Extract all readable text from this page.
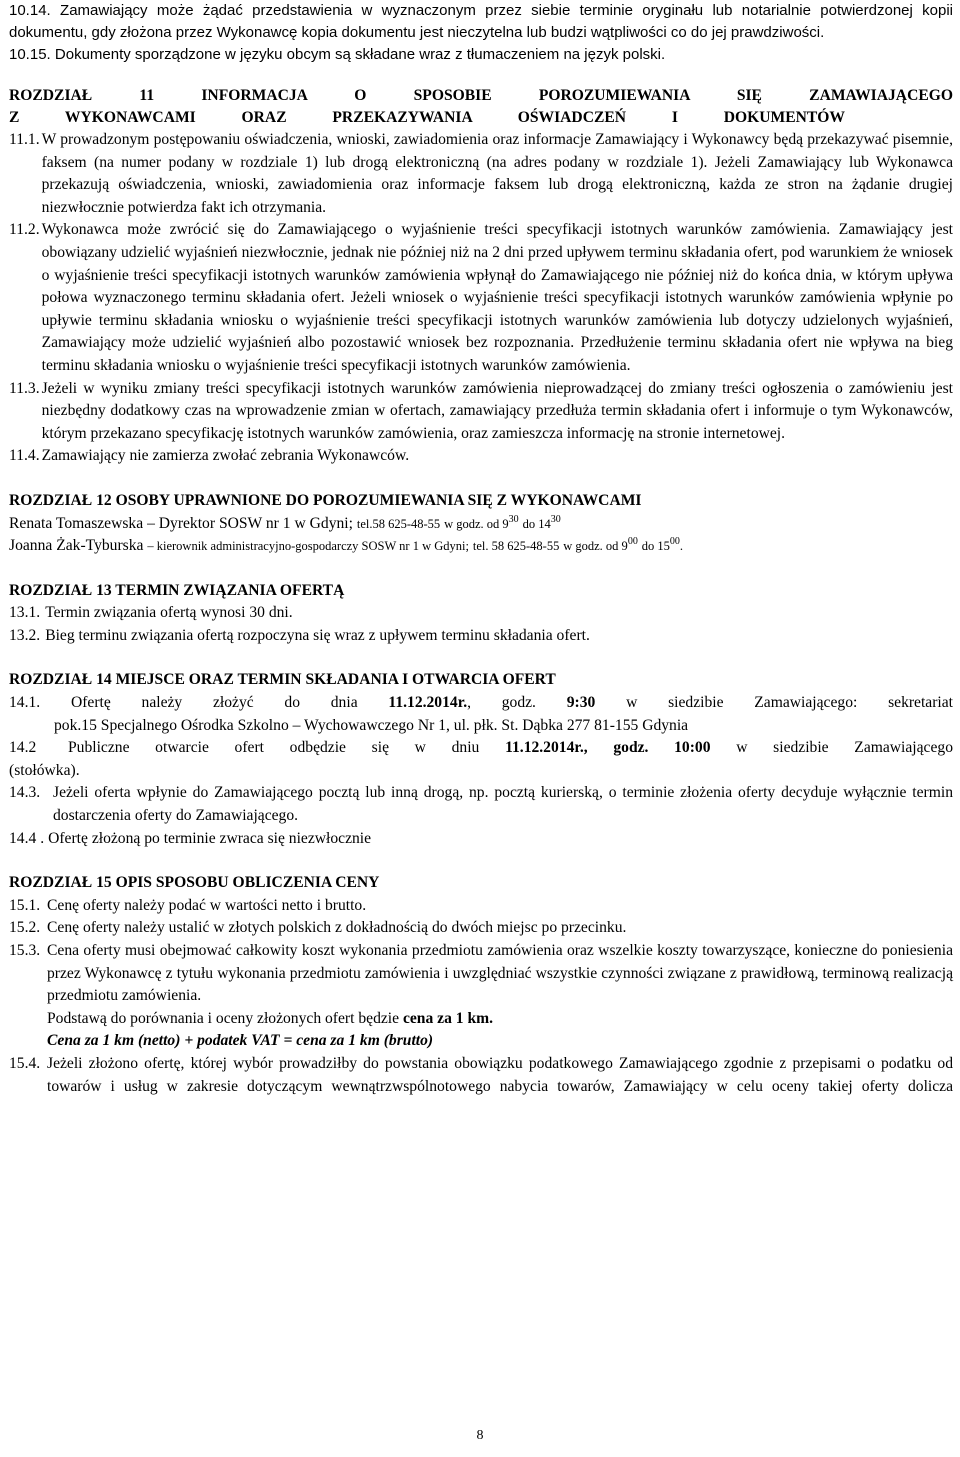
10.14. Zamawiający może żądać przedstawienia w wyznaczonym przez siebie terminie oryginału lub notarialnie potwierdzonej kopii dokumentu, gdy złożona przez Wykonawcę kopia dokumentu jest nieczytelna lub budzi wątpliwości co do jej prawdziwości.

10.15. Dokumenty sporządzone w języku obcym są składane wraz z tłumaczeniem na język polski.

ROZDZIAŁ 11 INFORMACJA O SPOSOBIE POROZUMIEWANIA SIĘ ZAMAWIAJĄCEGO

Z WYKONAWCAMI ORAZ PRZEKAZYWANIA OŚWIADCZEŃ I DOKUMENTÓW

11.1. W prowadzonym postępowaniu oświadczenia, wnioski, zawiadomienia oraz informacje Zamawiający i Wykonawcy będą przekazywać pisemnie, faksem (na numer podany w rozdziale 1) lub drogą elektroniczną (na adres podany w rozdziale 1). Jeżeli Zamawiający lub Wykonawca przekazują oświadczenia, wnioski, zawiadomienia oraz informacje faksem lub drogą elektroniczną, każda ze stron na żądanie drugiej niezwłocznie potwierdza fakt ich otrzymania.
11.2. Wykonawca może zwrócić się do Zamawiającego o wyjaśnienie treści specyfikacji istotnych warunków zamówienia. Zamawiający jest obowiązany udzielić wyjaśnień niezwłocznie, jednak nie później niż na 2 dni przed upływem terminu składania ofert, pod warunkiem że wniosek o wyjaśnienie treści specyfikacji istotnych warunków zamówienia wpłynął do Zamawiającego nie później niż do końca dnia, w którym upływa połowa wyznaczonego terminu składania ofert. Jeżeli wniosek o wyjaśnienie treści specyfikacji istotnych warunków zamówienia wpłynie po upływie terminu składania wniosku o wyjaśnienie treści specyfikacji istotnych warunków zamówienia lub dotyczy udzielonych wyjaśnień, Zamawiający może udzielić wyjaśnień albo pozostawić wniosek bez rozpoznania. Przedłużenie terminu składania ofert nie wpływa na bieg terminu składania wniosku o wyjaśnienie treści specyfikacji istotnych warunków zamówienia.
11.3. Jeżeli w wyniku zmiany treści specyfikacji istotnych warunków zamówienia nieprowadzącej do zmiany treści ogłoszenia o zamówieniu jest niezbędny dodatkowy czas na wprowadzenie zmian w ofertach, zamawiający przedłuża termin składania ofert i informuje o tym Wykonawców, którym przekazano specyfikację istotnych warunków zamówienia, oraz zamieszcza informację na stronie internetowej.
11.4. Zamawiający nie zamierza zwołać zebrania Wykonawców.

ROZDZIAŁ 12 OSOBY UPRAWNIONE DO POROZUMIEWANIA SIĘ Z WYKONAWCAMI

Renata Tomaszewska – Dyrektor SOSW nr 1 w Gdyni; tel.58 625-48-55 w godz. od $9^{30}$ do $14^{30}$

Joanna Żak-Tyburska – kierownik administracyjno-gospodarczy SOSW nr 1 w Gdyni; tel. 58 625-48-55 w godz. od $9^{00}$ do $15^{00}$.

ROZDZIAŁ 13 TERMIN ZWIĄZANIA OFERTĄ

13.1. Termin związania ofertą wynosi 30 dni.
13.2. Bieg terminu związania ofertą rozpoczyna się wraz z upływem terminu składania ofert.

ROZDZIAŁ 14 MIEJSCE ORAZ TERMIN SKŁADANIA I OTWARCIA OFERT

14.1. Ofertę należy złożyć do dnia 11.12.2014r., godz. 9:30 w siedzibie Zamawiającego: sekretariat

pok.15 Specjalnego Ośrodka Szkolno – Wychowawczego Nr 1, ul. płk. St. Dąbka 277 81-155 Gdynia

14.2 Publiczne otwarcie ofert odbędzie się w dniu 11.12.2014r., godz. 10:00 w siedzibie Zamawiającego

(stołówka).

14.3. Jeżeli oferta wpłynie do Zamawiającego pocztą lub inną drogą, np. pocztą kurierską, o terminie złożenia oferty decyduje wyłącznie termin dostarczenia oferty do Zamawiającego.
14.4 . Ofertę złożoną po terminie zwraca się niezwłocznie

ROZDZIAŁ 15 OPIS SPOSOBU OBLICZENIA CENY

15.1. Cenę oferty należy podać w wartości netto i brutto.
15.2. Cenę oferty należy ustalić w złotych polskich z dokładnością do dwóch miejsc po przecinku.
15.3. Cena oferty musi obejmować całkowity koszt wykonania przedmiotu zamówienia oraz wszelkie koszty towarzyszące, konieczne do poniesienia przez Wykonawcę z tytułu wykonania przedmiotu zamówienia i uwzględniać wszystkie czynności związane z prawidłową, terminową realizacją przedmiotu zamówienia.

Podstawą do porównania i oceny złożonych ofert będzie cena za 1 km.

Cena za 1 km (netto) + podatek VAT = cena za 1 km (brutto)

15.4. Jeżeli złożono ofertę, której wybór prowadziłby do powstania obowiązku podatkowego Zamawiającego zgodnie z przepisami o podatku od towarów i usług w zakresie dotyczącym wewnątrzwspólnotowego nabycia towarów, Zamawiający w celu oceny takiej oferty dolicza
8
